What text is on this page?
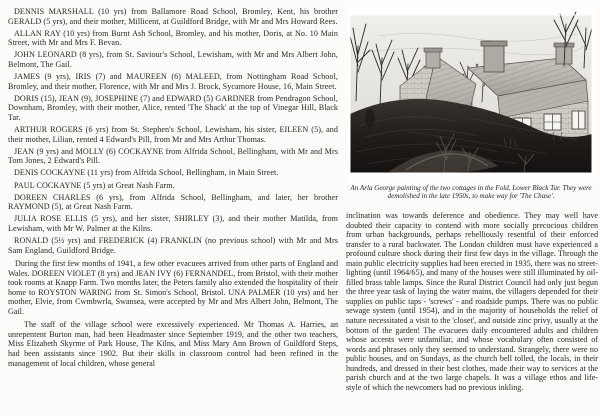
DENNIS MARSHALL (10 yrs) from Ballamore Road School, Bromley, Kent, his brother GERALD (5 yrs), and their mother, Millicent, at Guildford Bridge, with Mr and Mrs Howard Rees.

ALLAN RAY (10 yrs) from Burnt Ash School, Bromley, and his mother, Doris, at No. 10 Main Street, with Mr and Mrs F. Bevan.

JOHN LEONARD (8 yrs), from St. Saviour's School, Lewisham, with Mr and Mrs Albert John, Belmont, The Gail.

JAMES (9 yrs), IRIS (7) and MAUREEN (6) MALEED, from Nottingham Road School, Bromley, and their mother, Florence, with Mr and Mrs J. Brock, Sycamore House, 16, Main Street.

DORIS (15), JEAN (9), JOSEPHINE (7) and EDWARD (5) GARDNER from Pendragon School, Downham, Bromley, with their mother, Alice, rented 'The Shack' at the top of Vinegar Hill, Black Tar.

ARTHUR ROGERS (6 yrs) from St. Stephen's School, Lewisham, his sister, EILEEN (5), and their mother, Lilian, rented 4 Edward's Pill, from Mr and Mrs Arthur Thomas.

JEAN (9 yrs) and MOLLY (6) COCKAYNE from Alfrida School, Bellingham, with Mr and Mrs Tom Jones, 2 Edward's Pill.

DENIS COCKAYNE (11 yrs) from Alfrida School, Bellingham, in Main Street.

PAUL COCKAYNE (5 yrs) at Great Nash Farm.

DOREEN CHARLES (6 yrs), from Alfrida School, Bellingham, and later, her brother RAYMOND (5), at Great Nash Farm.

JULIA ROSE ELLIS (5 yrs), and her sister, SHIRLEY (3), and their mother Matilda, from Lewisham, with Mr W. Palmer at the Kilns.

RONALD (5½ yrs) and FREDERICK (4) FRANKLIN (no previous school) with Mr and Mrs Sam England, Guildford Bridge.

During the first few months of 1941, a few other evacuees arrived from other parts of England and Wales. DOREEN VIOLET (8 yrs) and JEAN IVY (6) FERNANDEL, from Bristol, with their mother took rooms at Knapp Farm. Two months later, the Peters family also extended the hospitality of their home to ROYSTON WARING from St. Simon's School, Bristol. UNA PALMER (10 yrs) and her mother, Elvie, from Cwmbwrla, Swansea, were accepted by Mr and Mrs Albert John, Belmont, The Gail.

The staff of the village school were excessively experienced. Mr Thomas A. Harries, an unrepentent Burton man, had been Headmaster since September 1919, and the other two teachers, Miss Elizabeth Skyrme of Park House, The Kilns, and Miss Mary Ann Brown of Guildford Steps, had been assistants since 1902. But their skills in classroom control had been refined in the management of local children, whose general

An Arla George painting of the two cottages in the Fold, Lower Black Tar. They were demolished in the late 1950s, to make way for 'The Chase'.
inclination was towards deference and obedience. They may well have doubted their capacity to contend with more socially precocious children from urban backgrounds, perhaps rebelliously resentful of their enforced transfer to a rural backwater. The London children must have experienced a profound culture shock during their first few days in the village. Through the main public electricity supplies had been erected in 1935, there was no street-lighting (until 1964/65), and many of the houses were still illuminated by oil-filled brass table lamps. Since the Rural District Council had only just begun the three year task of laying the water mains, the villagers depended for their supplies on public taps - 'screws' - and roadside pumps. There was no public sewage system (until 1954), and in the majority of households the relief of nature necessitated a visit to the 'closet', and outside zinc privy, usually at the bottom of the garden! The evacuees daily encountered adults and children whose accents were unfamiliar, and whose vocabulary often consisted of words and phrases only they seemed to understand. Strangely, there were no public houses, and on Sundays, as the church bell tolled, the locals, in their hundreds, and dressed in their best clothes, made their way to services at the parish church and at the two large chapels. It was a village ethos and life-style of which the newcomers had no previous inkling.
